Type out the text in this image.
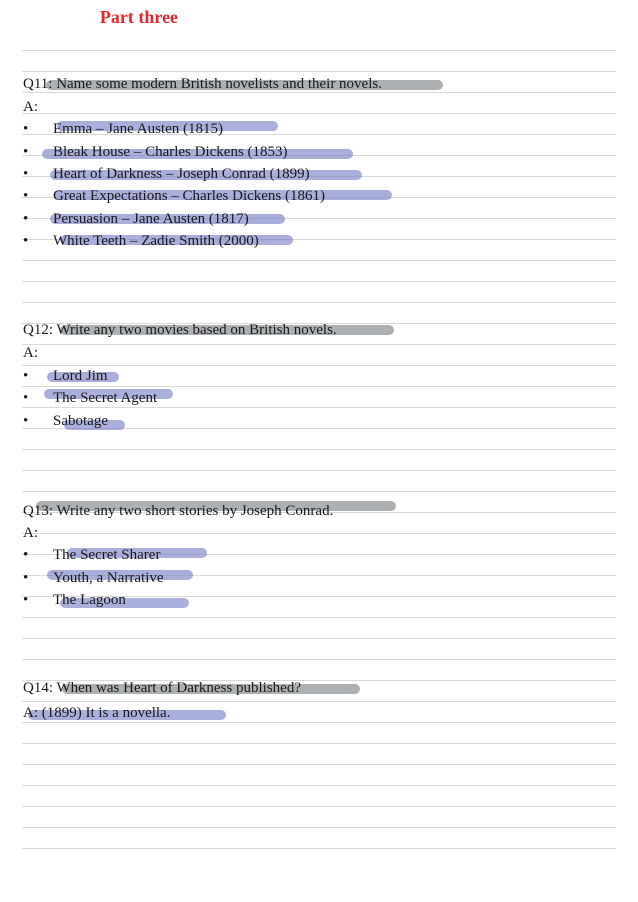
Part three
Q11: Name some modern British novelists and their novels.
A:
• Emma – Jane Austen (1815)
• Bleak House – Charles Dickens (1853)
• Heart of Darkness – Joseph Conrad (1899)
• Great Expectations – Charles Dickens (1861)
• Persuasion – Jane Austen (1817)
• White Teeth – Zadie Smith (2000)
Q12: Write any two movies based on British novels.
A:
• Lord Jim
• The Secret Agent
• Sabotage
Q13: Write any two short stories by Joseph Conrad.
A:
• The Secret Sharer
• Youth, a Narrative
• The Lagoon
Q14: When was Heart of Darkness published?
A: (1899) It is a novella.
